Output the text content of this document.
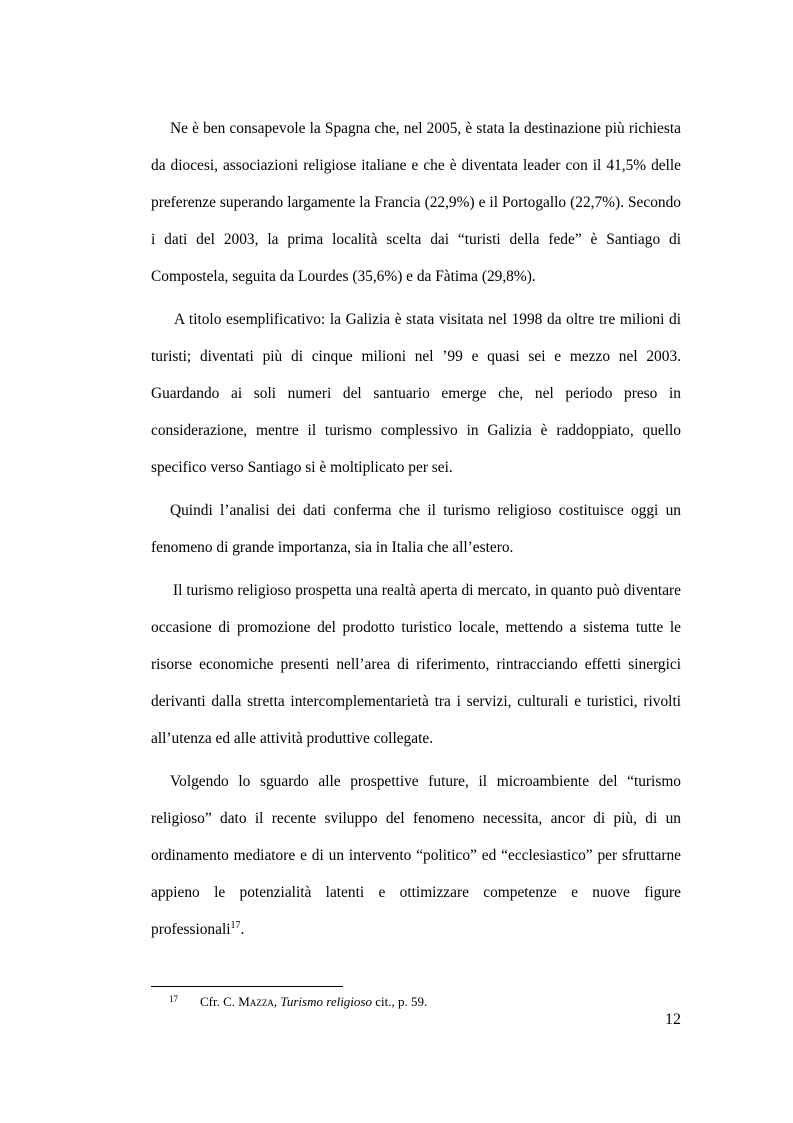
Ne è ben consapevole la Spagna che, nel 2005, è stata la destinazione più richiesta da diocesi, associazioni religiose italiane e che è diventata leader con il 41,5% delle preferenze superando largamente la Francia (22,9%) e il Portogallo (22,7%). Secondo i dati del 2003, la prima località scelta dai “turisti della fede” è Santiago di Compostela, seguita da Lourdes (35,6%) e da Fàtima (29,8%).

A titolo esemplificativo: la Galizia è stata visitata nel 1998 da oltre tre milioni di turisti; diventati più di cinque milioni nel ’99 e quasi sei e mezzo nel 2003. Guardando ai soli numeri del santuario emerge che, nel periodo preso in considerazione, mentre il turismo complessivo in Galizia è raddoppiato, quello specifico verso Santiago si è moltiplicato per sei.

Quindi l’analisi dei dati conferma che il turismo religioso costituisce oggi un fenomeno di grande importanza, sia in Italia che all’estero.

Il turismo religioso prospetta una realtà aperta di mercato, in quanto può diventare occasione di promozione del prodotto turistico locale, mettendo a sistema tutte le risorse economiche presenti nell’area di riferimento, rintracciando effetti sinergici derivanti dalla stretta intercomplementarietà tra i servizi, culturali e turistici, rivolti all’utenza ed alle attività produttive collegate.

Volgendo lo sguardo alle prospettive future, il microambiente del “turismo religioso” dato il recente sviluppo del fenomeno necessita, ancor di più, di un ordinamento mediatore e di un intervento “politico” ed “ecclesiastico” per sfruttarne appieno le potenzialità latenti e ottimizzare competenze e nuove figure professionali$^{17}$.

17 Cfr. C. Mazza, Turismo religioso cit., p. 59.
12
